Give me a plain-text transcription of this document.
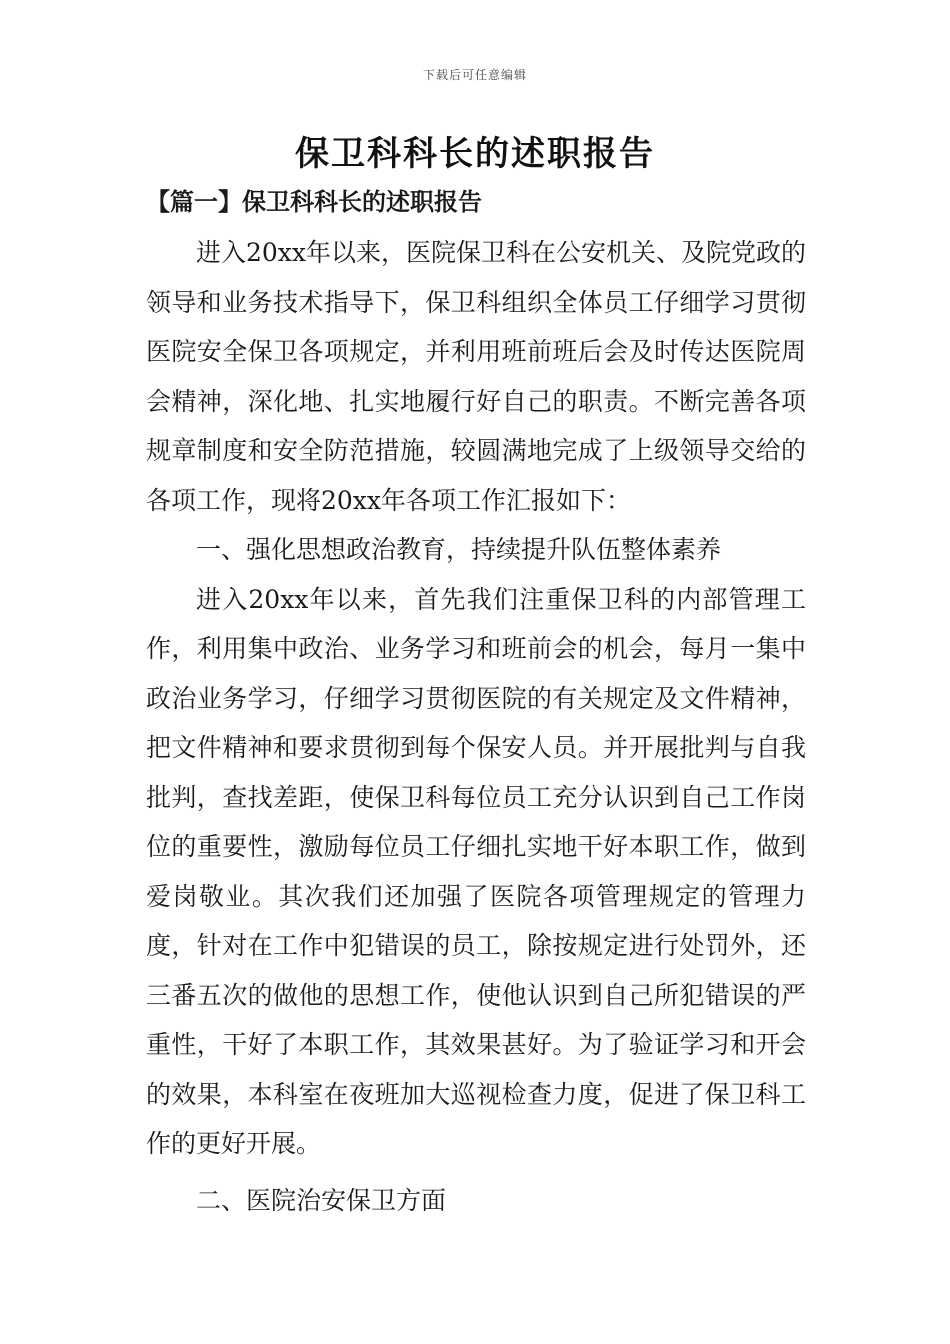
下载后可任意编辑
保卫科科长的述职报告
【篇一】保卫科科长的述职报告

进入20xx年以来，医院保卫科在公安机关、及院党政的领导和业务技术指导下，保卫科组织全体员工仔细学习贯彻医院安全保卫各项规定，并利用班前班后会及时传达医院周会精神，深化地、扎实地履行好自己的职责。不断完善各项规章制度和安全防范措施，较圆满地完成了上级领导交给的各项工作，现将20xx年各项工作汇报如下：

一、强化思想政治教育，持续提升队伍整体素养

进入20xx年以来，首先我们注重保卫科的内部管理工作，利用集中政治、业务学习和班前会的机会，每月一集中政治业务学习，仔细学习贯彻医院的有关规定及文件精神，把文件精神和要求贯彻到每个保安人员。并开展批判与自我批判，查找差距，使保卫科每位员工充分认识到自己工作岗位的重要性，激励每位员工仔细扎实地干好本职工作，做到爱岗敬业。其次我们还加强了医院各项管理规定的管理力度，针对在工作中犯错误的员工，除按规定进行处罚外，还三番五次的做他的思想工作，使他认识到自己所犯错误的严重性，干好了本职工作，其效果甚好。为了验证学习和开会的效果，本科室在夜班加大巡视检查力度，促进了保卫科工作的更好开展。

二、医院治安保卫方面
